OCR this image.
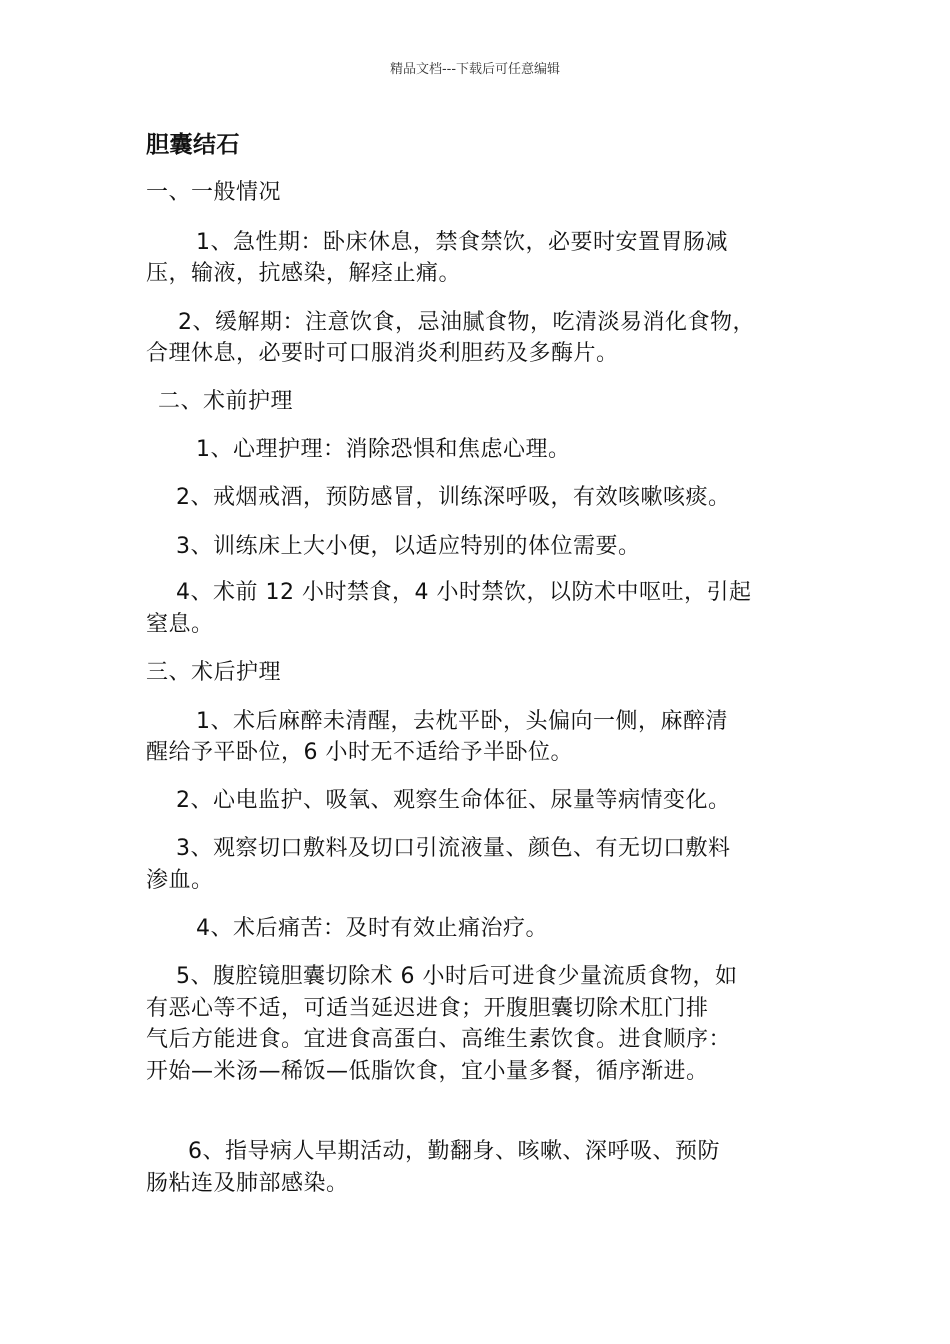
精品文档---下载后可任意编辑
胆囊结石
一、一般情况
1、急性期：卧床休息，禁食禁饮，必要时安置胃肠减
压，输液，抗感染，解痉止痛。
2、缓解期：注意饮食，忌油腻食物，吃清淡易消化食物，
合理休息，必要时可口服消炎利胆药及多酶片。
二、术前护理
1、心理护理：消除恐惧和焦虑心理。
2、戒烟戒酒，预防感冒，训练深呼吸，有效咳嗽咳痰。
3、训练床上大小便，以适应特别的体位需要。
4、术前 12 小时禁食，4 小时禁饮，以防术中呕吐，引起
窒息。
三、术后护理
1、术后麻醉未清醒，去枕平卧，头偏向一侧，麻醉清
醒给予平卧位，6 小时无不适给予半卧位。
2、心电监护、吸氧、观察生命体征、尿量等病情变化。
3、观察切口敷料及切口引流液量、颜色、有无切口敷料
渗血。
4、术后痛苦：及时有效止痛治疗。
5、腹腔镜胆囊切除术 6 小时后可进食少量流质食物，如
有恶心等不适，可适当延迟进食；开腹胆囊切除术肛门排
气后方能进食。宜进食高蛋白、高维生素饮食。进食顺序：
开始—米汤—稀饭—低脂饮食，宜小量多餐，循序渐进。
6、指导病人早期活动，勤翻身、咳嗽、深呼吸、预防
肠粘连及肺部感染。
